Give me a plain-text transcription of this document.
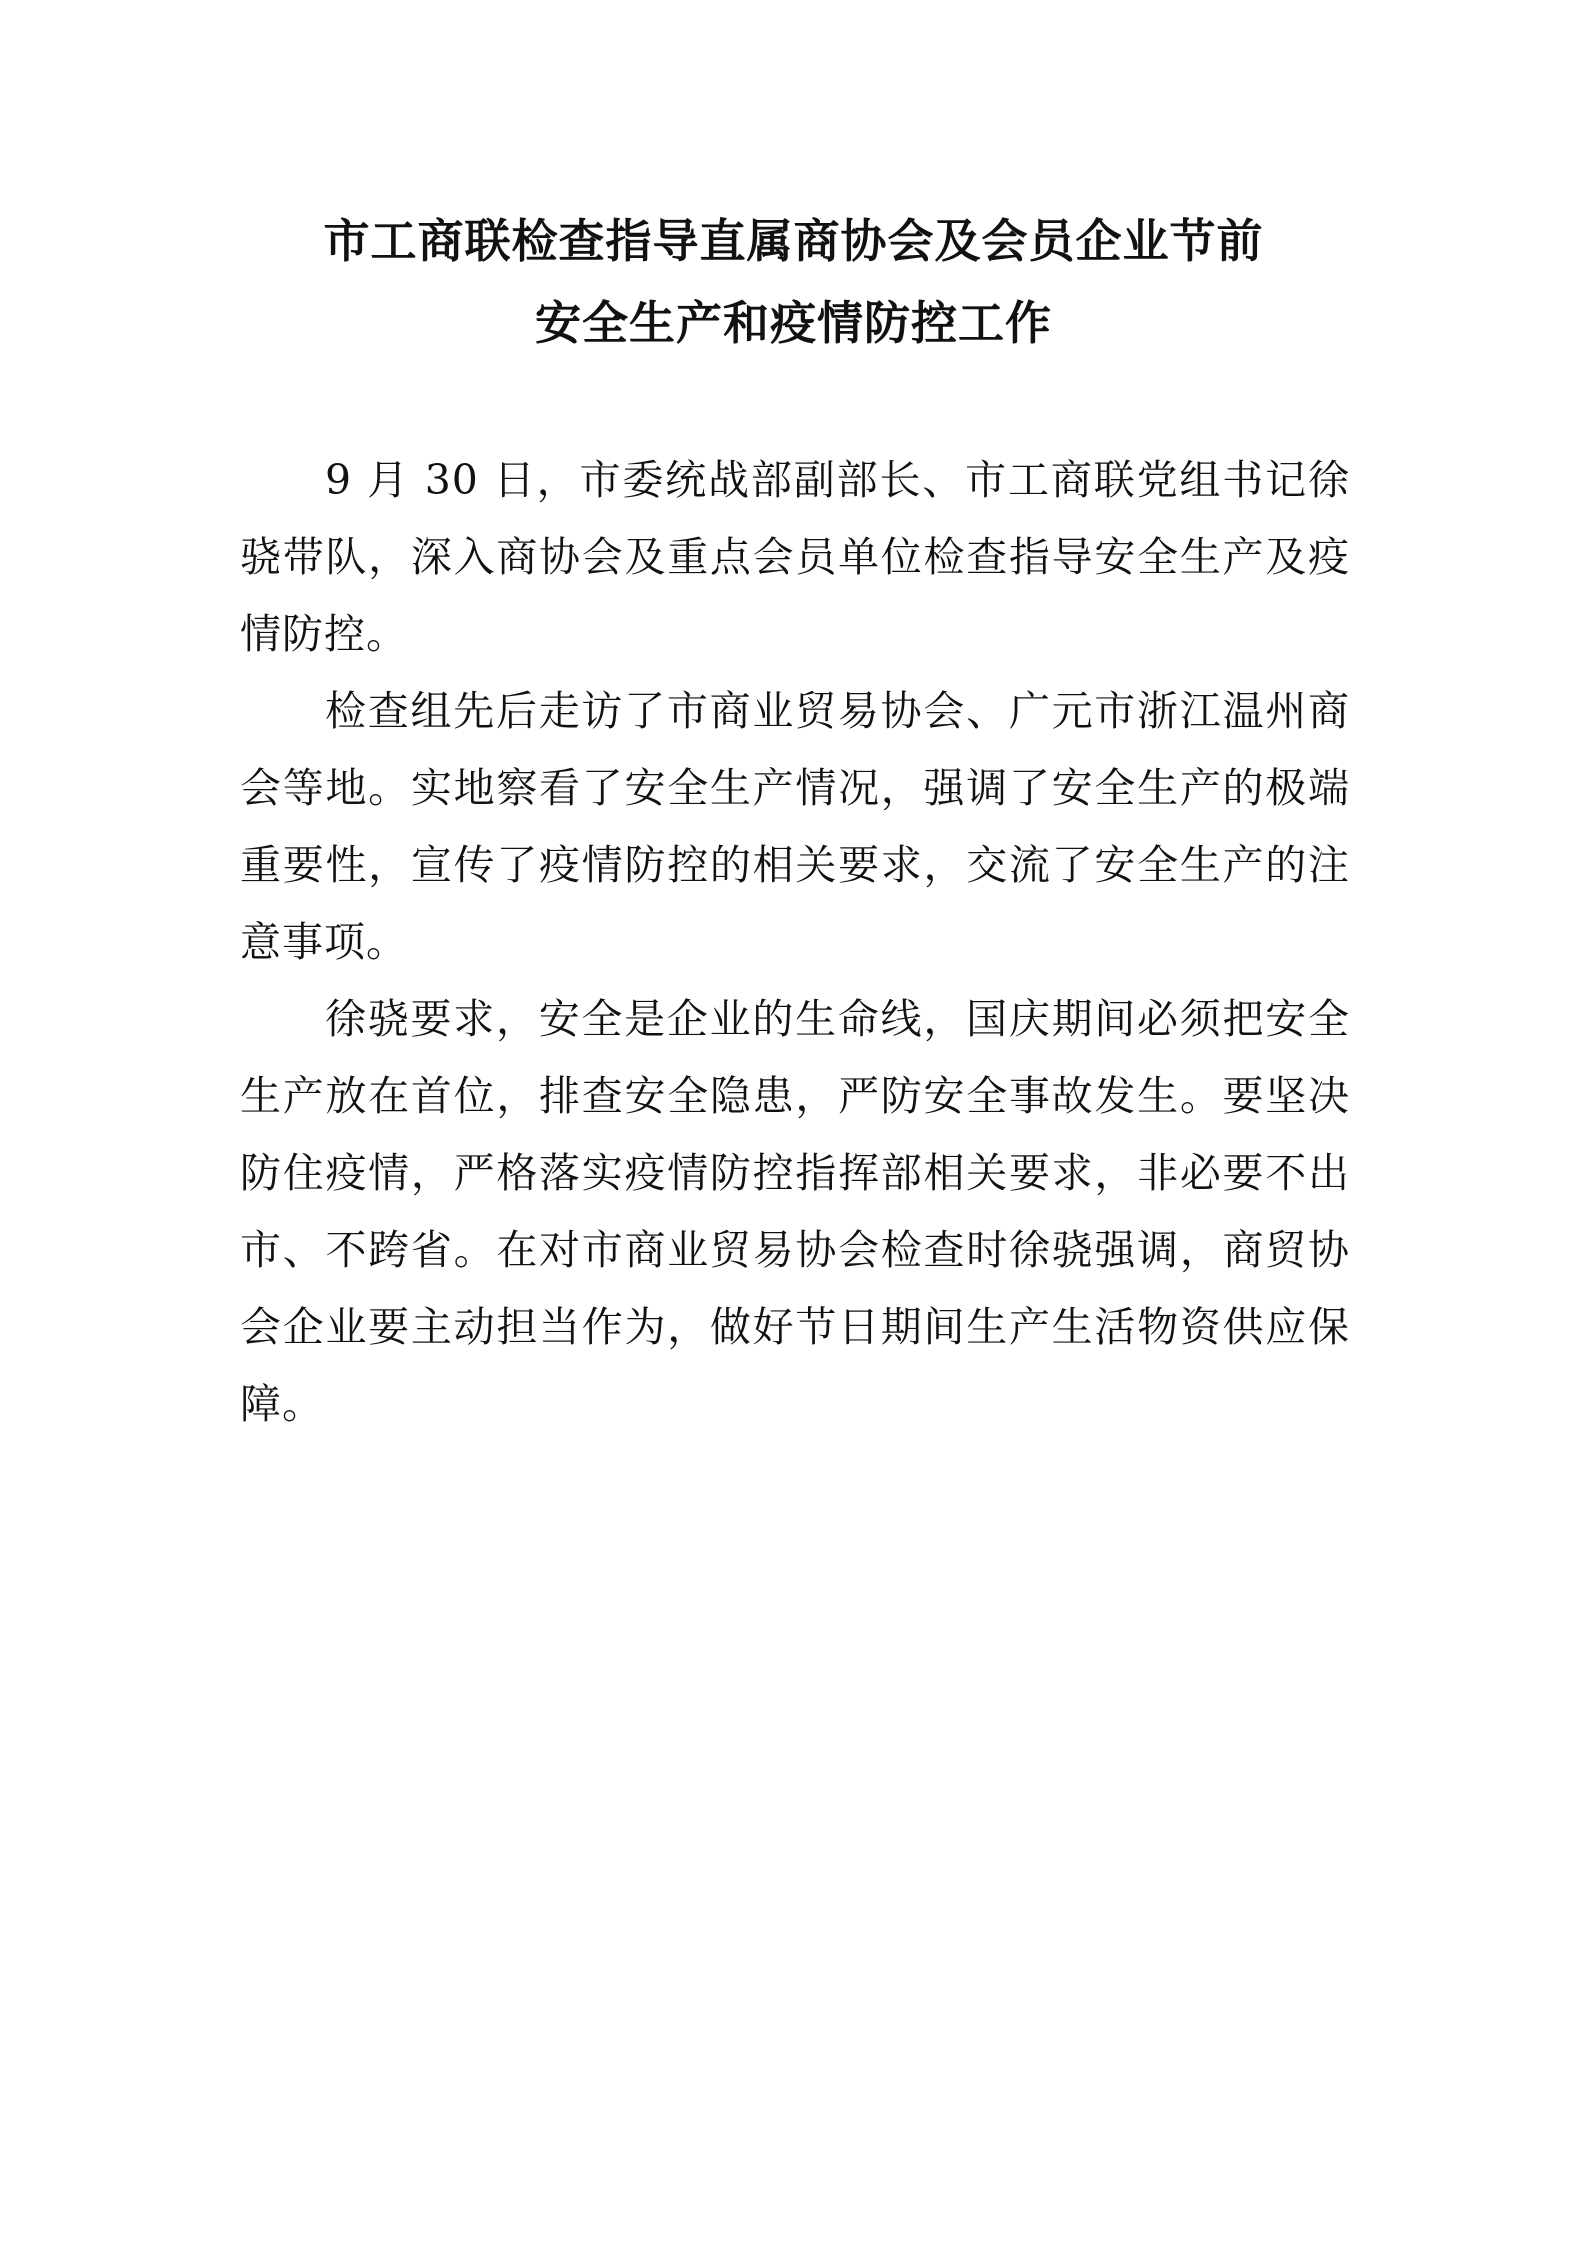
市工商联检查指导直属商协会及会员企业节前
安全生产和疫情防控工作

9 月 30 日，市委统战部副部长、市工商联党组书记徐骁带队，深入商协会及重点会员单位检查指导安全生产及疫情防控。

检查组先后走访了市商业贸易协会、广元市浙江温州商会等地。实地察看了安全生产情况，强调了安全生产的极端重要性，宣传了疫情防控的相关要求，交流了安全生产的注意事项。

徐骁要求，安全是企业的生命线，国庆期间必须把安全生产放在首位，排查安全隐患，严防安全事故发生。要坚决防住疫情，严格落实疫情防控指挥部相关要求，非必要不出市、不跨省。在对市商业贸易协会检查时徐骁强调，商贸协会企业要主动担当作为，做好节日期间生产生活物资供应保障。
